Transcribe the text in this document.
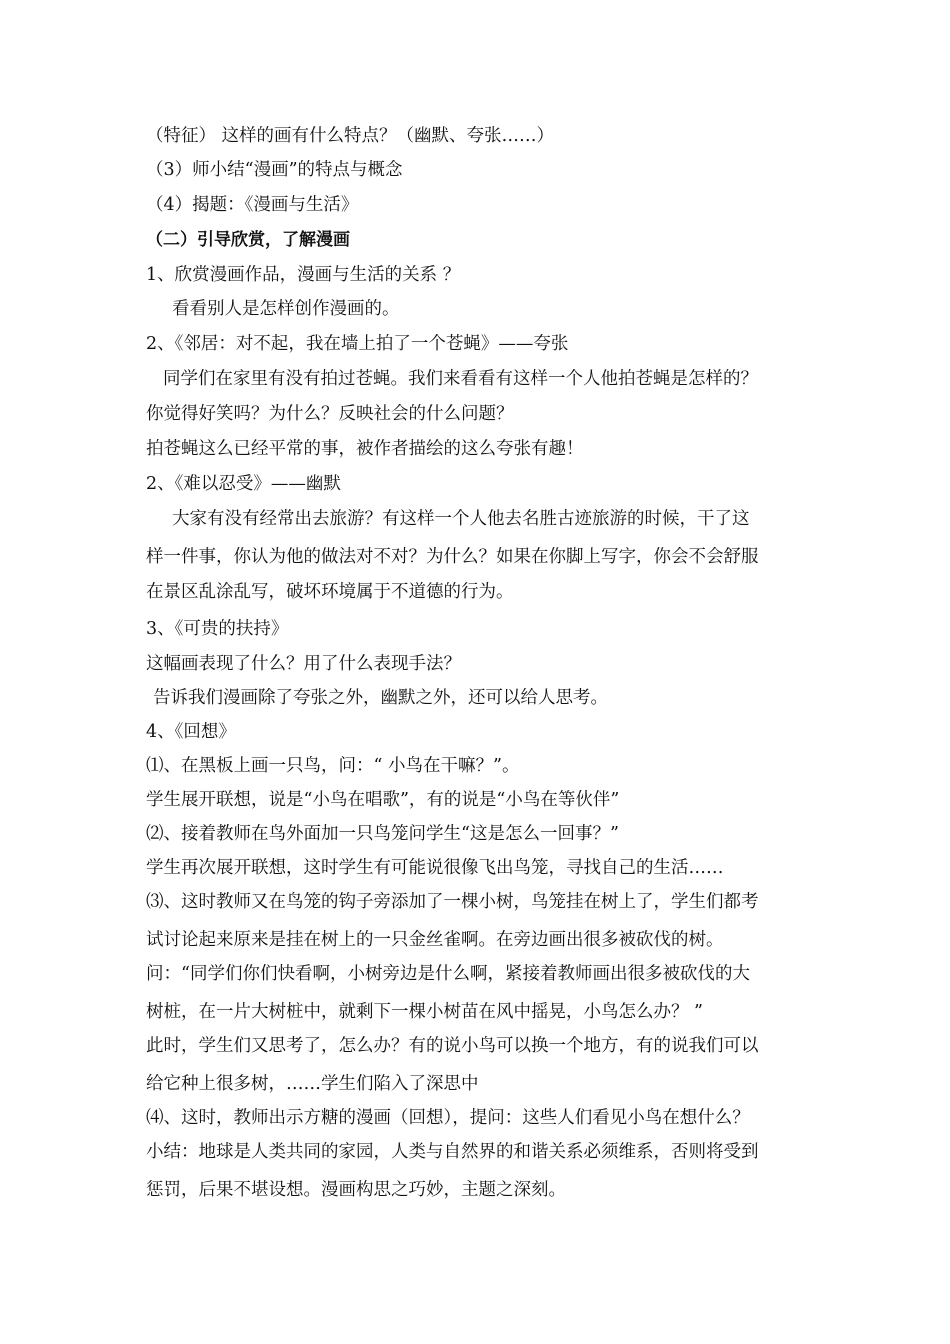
（特征） 这样的画有什么特点？（幽默、夸张……）
（3）师小结“漫画”的特点与概念
（4）揭题：《漫画与生活》
（二）引导欣赏，了解漫画
1、欣赏漫画作品，漫画与生活的关系 ？
看看别人是怎样创作漫画的。
2、《邻居：对不起，我在墙上拍了一个苍蝇》——夸张
同学们在家里有没有拍过苍蝇。我们来看看有这样一个人他拍苍蝇是怎样的？
你觉得好笑吗？为什么？反映社会的什么问题？
拍苍蝇这么已经平常的事，被作者描绘的这么夸张有趣！
2、《难以忍受》——幽默
大家有没有经常出去旅游？有这样一个人他去名胜古迹旅游的时候，干了这
样一件事，你认为他的做法对不对？为什么？如果在你脚上写字，你会不会舒服
在景区乱涂乱写，破坏环境属于不道德的行为。
3、《可贵的扶持》
这幅画表现了什么？用了什么表现手法？
告诉我们漫画除了夸张之外，幽默之外，还可以给人思考。
4、《回想》
⑴、在黑板上画一只鸟，问：“ 小鸟在干嘛？”。
学生展开联想，说是“小鸟在唱歌”，有的说是“小鸟在等伙伴”
⑵、接着教师在鸟外面加一只鸟笼问学生“这是怎么一回事？”
学生再次展开联想，这时学生有可能说很像飞出鸟笼，寻找自己的生活……
⑶、这时教师又在鸟笼的钩子旁添加了一棵小树，鸟笼挂在树上了，学生们都考
试讨论起来原来是挂在树上的一只金丝雀啊。在旁边画出很多被砍伐的树。
问：“同学们你们快看啊，小树旁边是什么啊，紧接着教师画出很多被砍伐的大
树桩，在一片大树桩中，就剩下一棵小树苗在风中摇晃，小鸟怎么办？ ”
此时，学生们又思考了，怎么办？有的说小鸟可以换一个地方，有的说我们可以
给它种上很多树，……学生们陷入了深思中
⑷、这时，教师出示方糖的漫画（回想），提问：这些人们看见小鸟在想什么？
小结：地球是人类共同的家园，人类与自然界的和谐关系必须维系，否则将受到
惩罚，后果不堪设想。漫画构思之巧妙，主题之深刻。
